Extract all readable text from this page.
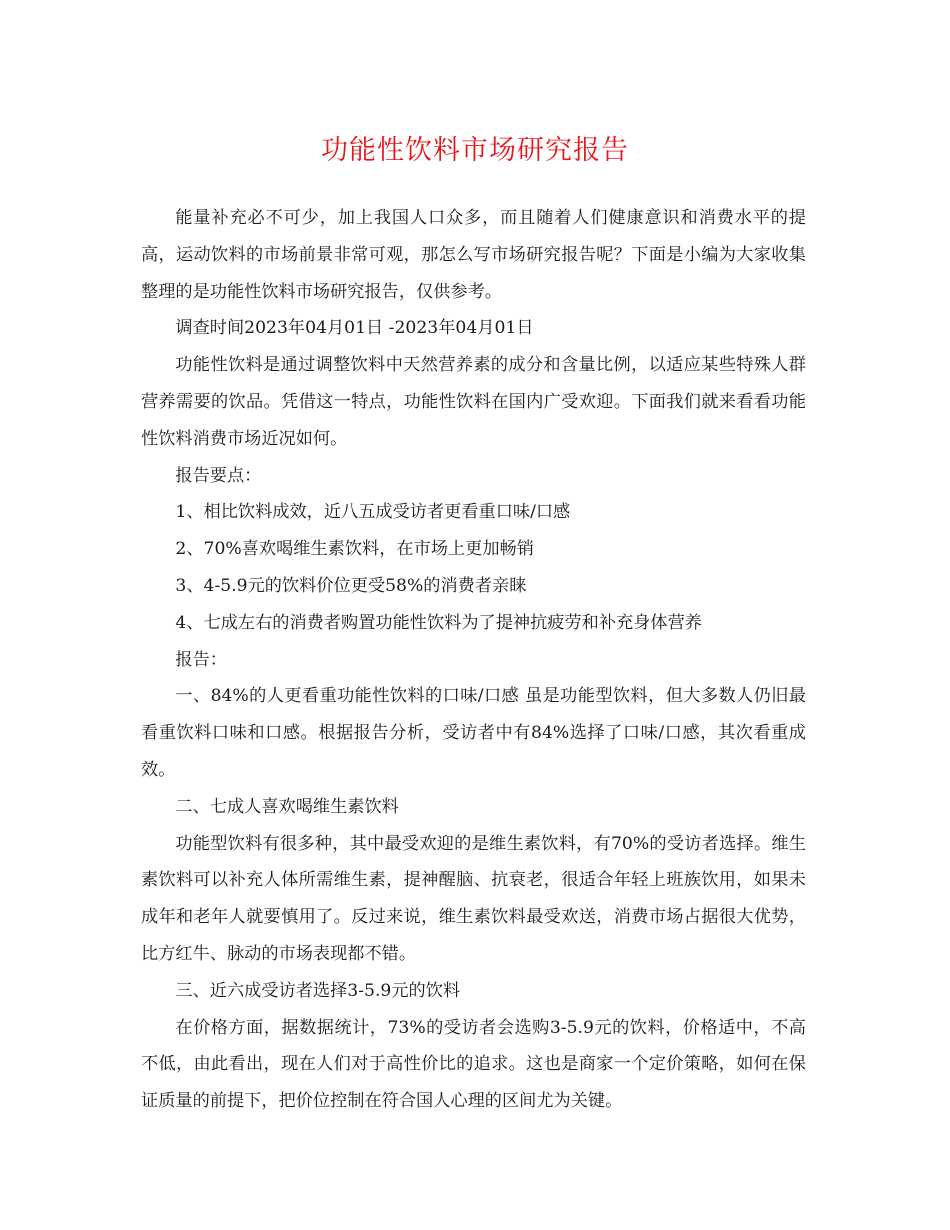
功能性饮料市场研究报告

能量补充必不可少，加上我国人口众多，而且随着人们健康意识和消费水平的提高，运动饮料的市场前景非常可观，那怎么写市场研究报告呢？下面是小编为大家收集整理的是功能性饮料市场研究报告，仅供参考。

调查时间2023年04月01日 -2023年04月01日

功能性饮料是通过调整饮料中天然营养素的成分和含量比例，以适应某些特殊人群营养需要的饮品。凭借这一特点，功能性饮料在国内广受欢迎。下面我们就来看看功能性饮料消费市场近况如何。

报告要点：

1、相比饮料成效，近八五成受访者更看重口味/口感

2、70%喜欢喝维生素饮料，在市场上更加畅销

3、4-5.9元的饮料价位更受58%的消费者亲睐

4、七成左右的消费者购置功能性饮料为了提神抗疲劳和补充身体营养

报告：

一、84%的人更看重功能性饮料的口味/口感 虽是功能型饮料，但大多数人仍旧最看重饮料口味和口感。根据报告分析，受访者中有84%选择了口味/口感，其次看重成效。

二、七成人喜欢喝维生素饮料

功能型饮料有很多种，其中最受欢迎的是维生素饮料，有70%的受访者选择。维生素饮料可以补充人体所需维生素，提神醒脑、抗衰老，很适合年轻上班族饮用，如果未成年和老年人就要慎用了。反过来说，维生素饮料最受欢送，消费市场占据很大优势，比方红牛、脉动的市场表现都不错。

三、近六成受访者选择3-5.9元的饮料

在价格方面，据数据统计，73%的受访者会选购3-5.9元的饮料，价格适中，不高不低，由此看出，现在人们对于高性价比的追求。这也是商家一个定价策略，如何在保证质量的前提下，把价位控制在符合国人心理的区间尤为关键。
